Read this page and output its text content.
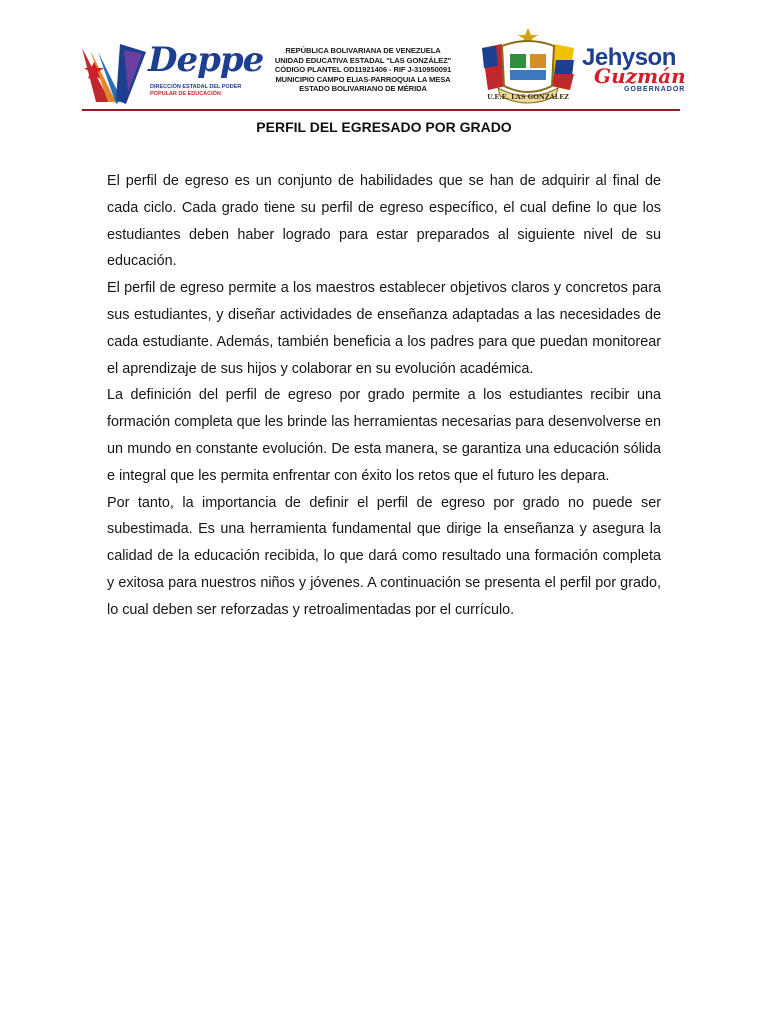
Deppe
DIRECCIÓN ESTADAL DEL PODER
POPULAR DE EDUCACIÓN
REPÚBLICA BOLIVARIANA DE VENEZUELA
UNIDAD EDUCATIVA ESTADAL "LAS GONZÁLEZ"
CÓDIGO PLANTEL OD11921406 - RIF J-310950091
MUNICIPIO CAMPO ELIAS-PARROQUIA LA MESA
ESTADO BOLIVARIANO DE MÉRIDA
U.E.E. LAS GONZÁLEZ
Jehyson
Guzmán
GOBERNADOR
PERFIL DEL EGRESADO POR GRADO

El perfil de egreso es un conjunto de habilidades que se han de adquirir al final de cada ciclo. Cada grado tiene su perfil de egreso específico, el cual define lo que los estudiantes deben haber logrado para estar preparados al siguiente nivel de su educación.

El perfil de egreso permite a los maestros establecer objetivos claros y concretos para sus estudiantes, y diseñar actividades de enseñanza adaptadas a las necesidades de cada estudiante. Además, también beneficia a los padres para que puedan monitorear el aprendizaje de sus hijos y colaborar en su evolución académica.

La definición del perfil de egreso por grado permite a los estudiantes recibir una formación completa que les brinde las herramientas necesarias para desenvolverse en un mundo en constante evolución. De esta manera, se garantiza una educación sólida e integral que les permita enfrentar con éxito los retos que el futuro les depara.

Por tanto, la importancia de definir el perfil de egreso por grado no puede ser subestimada. Es una herramienta fundamental que dirige la enseñanza y asegura la calidad de la educación recibida, lo que dará como resultado una formación completa y exitosa para nuestros niños y jóvenes. A continuación se presenta el perfil por grado, lo cual deben ser reforzadas y retroalimentadas por el currículo.
